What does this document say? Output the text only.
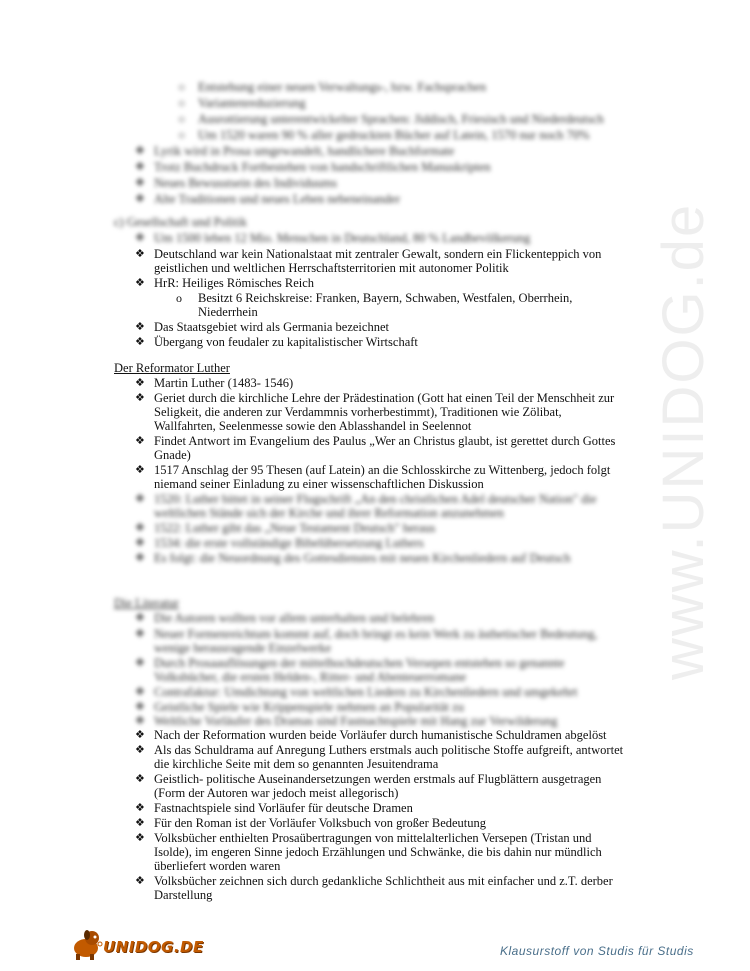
www.UNIDOG.de
○ Entstehung einer neuen Verwaltungs-, bzw. Fachsprachen
○ Variantenreduzierung
○ Ausrottierung unterentwickelter Sprachen: Jiddisch, Friesisch und Niederdeutsch
○ Um 1520 waren 90 % aller gedruckten Bücher auf Latein, 1570 nur noch 70%
❖ Lyrik wird in Prosa umgewandelt, handlichere Buchformate
❖ Trotz Buchdruck Fortbestehen von handschriftlichen Manuskripten
❖ Neues Bewusstsein des Individuums
❖ Alte Traditionen und neues Leben nebeneinander
c) Gesellschaft und Politik
❖ Um 1500 leben 12 Mio. Menschen in Deutschland, 80 % Landbevölkerung
❖ Deutschland war kein Nationalstaat mit zentraler Gewalt, sondern ein Flickenteppich von
geistlichen und weltlichen Herrschaftsterritorien mit autonomer Politik
❖ HrR: Heiliges Römisches Reich
o Besitzt 6 Reichskreise: Franken, Bayern, Schwaben, Westfalen, Oberrhein,
Niederrhein
❖ Das Staatsgebiet wird als Germania bezeichnet
❖ Übergang von feudaler zu kapitalistischer Wirtschaft
Der Reformator Luther
❖ Martin Luther (1483- 1546)
❖ Geriet durch die kirchliche Lehre der Prädestination (Gott hat einen Teil der Menschheit zur
Seligkeit, die anderen zur Verdammnis vorherbestimmt), Traditionen wie Zölibat,
Wallfahrten, Seelenmesse sowie den Ablasshandel in Seelennot
❖ Findet Antwort im Evangelium des Paulus „Wer an Christus glaubt, ist gerettet durch Gottes
Gnade)
❖ 1517 Anschlag der 95 Thesen (auf Latein) an die Schlosskirche zu Wittenberg, jedoch folgt
niemand seiner Einladung zu einer wissenschaftlichen Diskussion
❖ 1520: Luther bittet in seiner Flugschrift „An den christlichen Adel deutscher Nation" die
weltlichen Stände sich der Kirche und ihrer Reformation anzunehmen
❖ 1522: Luther gibt das „Neue Testament Deutsch" heraus
❖ 1534: die erste vollständige Bibelübersetzung Luthers
❖ Es folgt: die Neuordnung des Gottesdienstes mit neuen Kirchenliedern auf Deutsch
Die Literatur
❖ Die Autoren wollten vor allem unterhalten und belehren
❖ Neuer Formenreichtum kommt auf, doch bringt es kein Werk zu ästhetischer Bedeutung,
wenige herausragende Einzelwerke
❖ Durch Prosaauflösungen der mittelhochdeutschen Versepen entstehen so genannte
Volksbücher, die ersten Helden-, Ritter- und Abenteuerromane
❖ Contrafaktur: Umdichtung von weltlichen Liedern zu Kirchenliedern und umgekehrt
❖ Geistliche Spiele wie Krippenspiele nehmen an Popularität zu
❖ Weltliche Vorläufer des Dramas sind Fastnachtspiele mit Hang zur Verwilderung
❖ Nach der Reformation wurden beide Vorläufer durch humanistische Schuldramen abgelöst
❖ Als das Schuldrama auf Anregung Luthers erstmals auch politische Stoffe aufgreift, antwortet
die kirchliche Seite mit dem so genannten Jesuitendrama
❖ Geistlich- politische Auseinandersetzungen werden erstmals auf Flugblättern ausgetragen
(Form der Autoren war jedoch meist allegorisch)
❖ Fastnachtspiele sind Vorläufer für deutsche Dramen
❖ Für den Roman ist der Vorläufer Volksbuch von großer Bedeutung
❖ Volksbücher enthielten Prosaübertragungen von mittelalterlichen Versepen (Tristan und
Isolde), im engeren Sinne jedoch Erzählungen und Schwänke, die bis dahin nur mündlich
überliefert worden waren
❖ Volksbücher zeichnen sich durch gedankliche Schlichtheit aus mit einfacher und z.T. derber
Darstellung
UNIDOG.DE	Klausurstoff von Studis für Studis
